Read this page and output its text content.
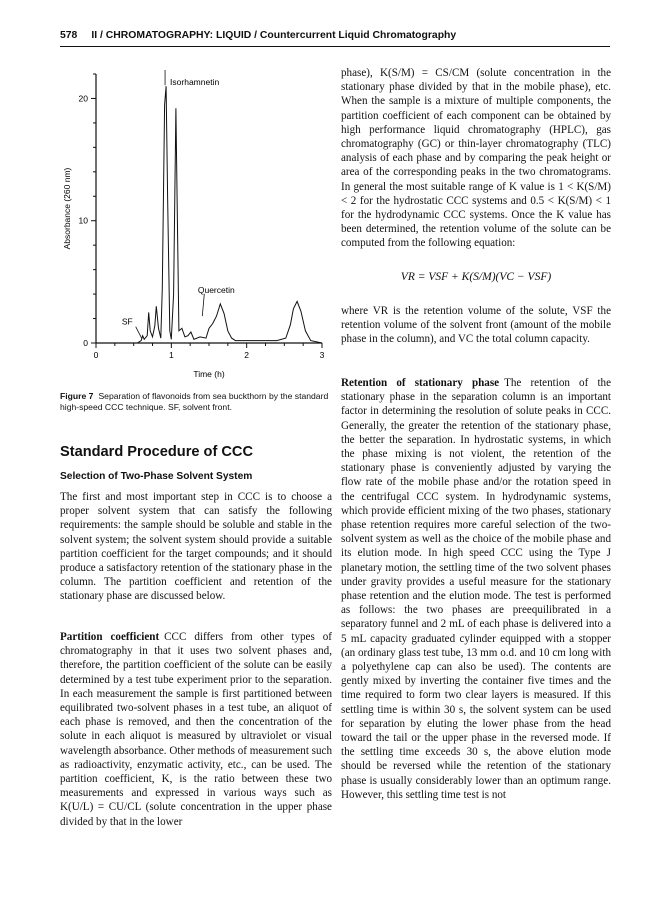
578 II / CHROMATOGRAPHY: LIQUID / Countercurrent Liquid Chromatography
0
10
20
0	1	2	3
Time (h)
Absorbance (260 nm)
Isorhamnetin
Quercetin
SF
Figure 7 Separation of flavonoids from sea buckthorn by the standard high-speed CCC technique. SF, solvent front.
Standard Procedure of CCC
Selection of Two-Phase Solvent System

The first and most important step in CCC is to choose a proper solvent system that can satisfy the following requirements: the sample should be soluble and stable in the solvent system; the solvent system should provide a suitable partition coefficient for the target compounds; and it should produce a satisfactory retention of the stationary phase in the column. The partition coefficient and retention of the stationary phase are discussed below.

Partition coefficient CCC differs from other types of chromatography in that it uses two solvent phases and, therefore, the partition coefficient of the solute can be easily determined by a test tube experiment prior to the separation. In each measurement the sample is first partitioned between equilibrated two-solvent phases in a test tube, an aliquot of each phase is removed, and then the concentration of the solute in each aliquot is measured by ultraviolet or visual wavelength absorbance. Other methods of measurement such as radioactivity, enzymatic activity, etc., can be used. The partition coefficient, K, is the ratio between these two measurements and expressed in various ways such as K(U/L) = CU/CL (solute concentration in the upper phase divided by that in the lower

phase), K(S/M) = CS/CM (solute concentration in the stationary phase divided by that in the mobile phase), etc. When the sample is a mixture of multiple components, the partition coefficient of each component can be obtained by high performance liquid chromatography (HPLC), gas chromatography (GC) or thin-layer chromatography (TLC) analysis of each phase and by comparing the peak height or area of the corresponding peaks in the two chromatograms. In general the most suitable range of K value is 1 < K(S/M) < 2 for the hydrostatic CCC systems and 0.5 < K(S/M) < 1 for the hydrodynamic CCC systems. Once the K value has been determined, the retention volume of the solute can be computed from the following equation:

VR = VSF + K(S/M)(VC − VSF)

where VR is the retention volume of the solute, VSF the retention volume of the solvent front (amount of the mobile phase in the column), and VC the total column capacity.

Retention of stationary phase The retention of the stationary phase in the separation column is an important factor in determining the resolution of solute peaks in CCC. Generally, the greater the retention of the stationary phase, the better the separation. In hydrostatic systems, in which the phase mixing is not violent, the retention of the stationary phase is conveniently adjusted by varying the flow rate of the mobile phase and/or the rotation speed in the centrifugal CCC system. In hydrodynamic systems, which provide efficient mixing of the two phases, stationary phase retention requires more careful selection of the two-solvent system as well as the choice of the mobile phase and its elution mode. In high speed CCC using the Type J planetary motion, the settling time of the two solvent phases under gravity provides a useful measure for the stationary phase retention and the elution mode. The test is performed as follows: the two phases are preequilibrated in a separatory funnel and 2 mL of each phase is delivered into a 5 mL capacity graduated cylinder equipped with a stopper (an ordinary glass test tube, 13 mm o.d. and 10 cm long with a polyethylene cap can also be used). The contents are gently mixed by inverting the container five times and the time required to form two clear layers is measured. If this settling time is within 30 s, the solvent system can be used for separation by eluting the lower phase from the head toward the tail or the upper phase in the reversed mode. If the settling time exceeds 30 s, the above elution mode should be reversed while the retention of the stationary phase is usually considerably lower than an optimum range. However, this settling time test is not
